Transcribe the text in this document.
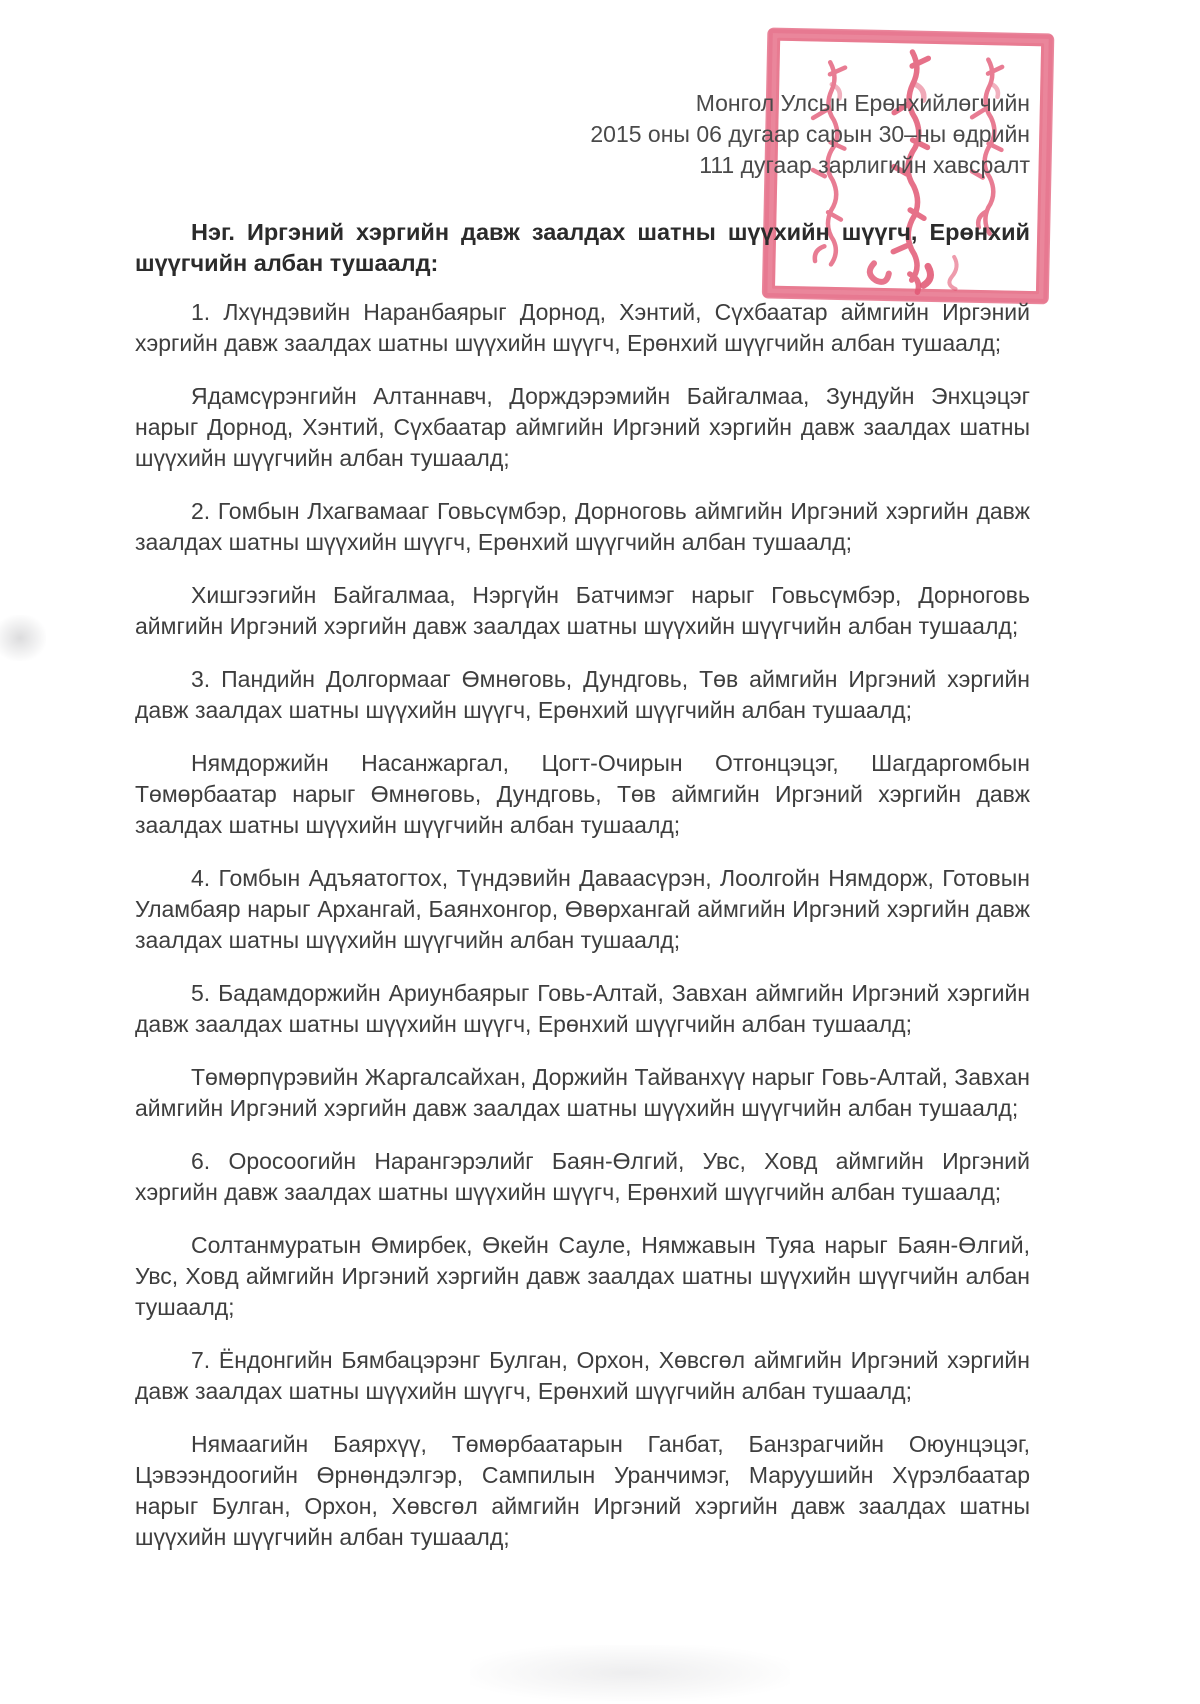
Монгол Улсын Ерөнхийлөгчийн
2015 оны 06 дугаар сарын 30–ны өдрийн
111 дугаар зарлигийн хавсралт
Нэг. Иргэний хэргийн давж заалдах шатны шүүхийн шүүгч, Ерөнхий шүүгчийн албан тушаалд:

1. Лхүндэвийн Наранбаярыг Дорнод, Хэнтий, Сүхбаатар аймгийн Иргэний хэргийн давж заалдах шатны шүүхийн шүүгч, Ерөнхий шүүгчийн албан тушаалд;

Ядамсүрэнгийн Алтаннавч, Дорждэрэмийн Байгалмаа, Зундуйн Энхцэцэг нарыг Дорнод, Хэнтий, Сүхбаатар аймгийн Иргэний хэргийн давж заалдах шатны шүүхийн шүүгчийн албан тушаалд;

2. Гомбын Лхагвамааг Говьсүмбэр, Дорноговь аймгийн Иргэний хэргийн давж заалдах шатны шүүхийн шүүгч, Ерөнхий шүүгчийн албан тушаалд;

Хишгээгийн Байгалмаа, Нэргүйн Батчимэг нарыг Говьсүмбэр, Дорноговь аймгийн Иргэний хэргийн давж заалдах шатны шүүхийн шүүгчийн албан тушаалд;

3. Пандийн Долгормааг Өмнөговь, Дундговь, Төв аймгийн Иргэний хэргийн давж заалдах шатны шүүхийн шүүгч, Ерөнхий шүүгчийн албан тушаалд;

Нямдоржийн Насанжаргал, Цогт-Очирын Отгонцэцэг, Шагдаргомбын Төмөрбаатар нарыг Өмнөговь, Дундговь, Төв аймгийн Иргэний хэргийн давж заалдах шатны шүүхийн шүүгчийн албан тушаалд;

4. Гомбын Адъяатогтох, Түндэвийн Даваасүрэн, Лоолгойн Нямдорж, Готовын Уламбаяр нарыг Архангай, Баянхонгор, Өвөрхангай аймгийн Иргэний хэргийн давж заалдах шатны шүүхийн шүүгчийн албан тушаалд;

5. Бадамдоржийн Ариунбаярыг Говь-Алтай, Завхан аймгийн Иргэний хэргийн давж заалдах шатны шүүхийн шүүгч, Ерөнхий шүүгчийн албан тушаалд;

Төмөрпүрэвийн Жаргалсайхан, Доржийн Тайванхүү нарыг Говь-Алтай, Завхан аймгийн Иргэний хэргийн давж заалдах шатны шүүхийн шүүгчийн албан тушаалд;

6. Оросоогийн Нарангэрэлийг Баян-Өлгий, Увс, Ховд аймгийн Иргэний хэргийн давж заалдах шатны шүүхийн шүүгч, Ерөнхий шүүгчийн албан тушаалд;

Солтанмуратын Өмирбек, Өкейн Сауле, Нямжавын Туяа нарыг Баян-Өлгий, Увс, Ховд аймгийн Иргэний хэргийн давж заалдах шатны шүүхийн шүүгчийн албан тушаалд;

7. Ёндонгийн Бямбацэрэнг Булган, Орхон, Хөвсгөл аймгийн Иргэний хэргийн давж заалдах шатны шүүхийн шүүгч, Ерөнхий шүүгчийн албан тушаалд;

Нямаагийн Баярхүү, Төмөрбаатарын Ганбат, Банзрагчийн Оюунцэцэг, Цэвээндоогийн Өрнөндэлгэр, Сампилын Уранчимэг, Маруушийн Хүрэлбаатар нарыг Булган, Орхон, Хөвсгөл аймгийн Иргэний хэргийн давж заалдах шатны шүүхийн шүүгчийн албан тушаалд;
